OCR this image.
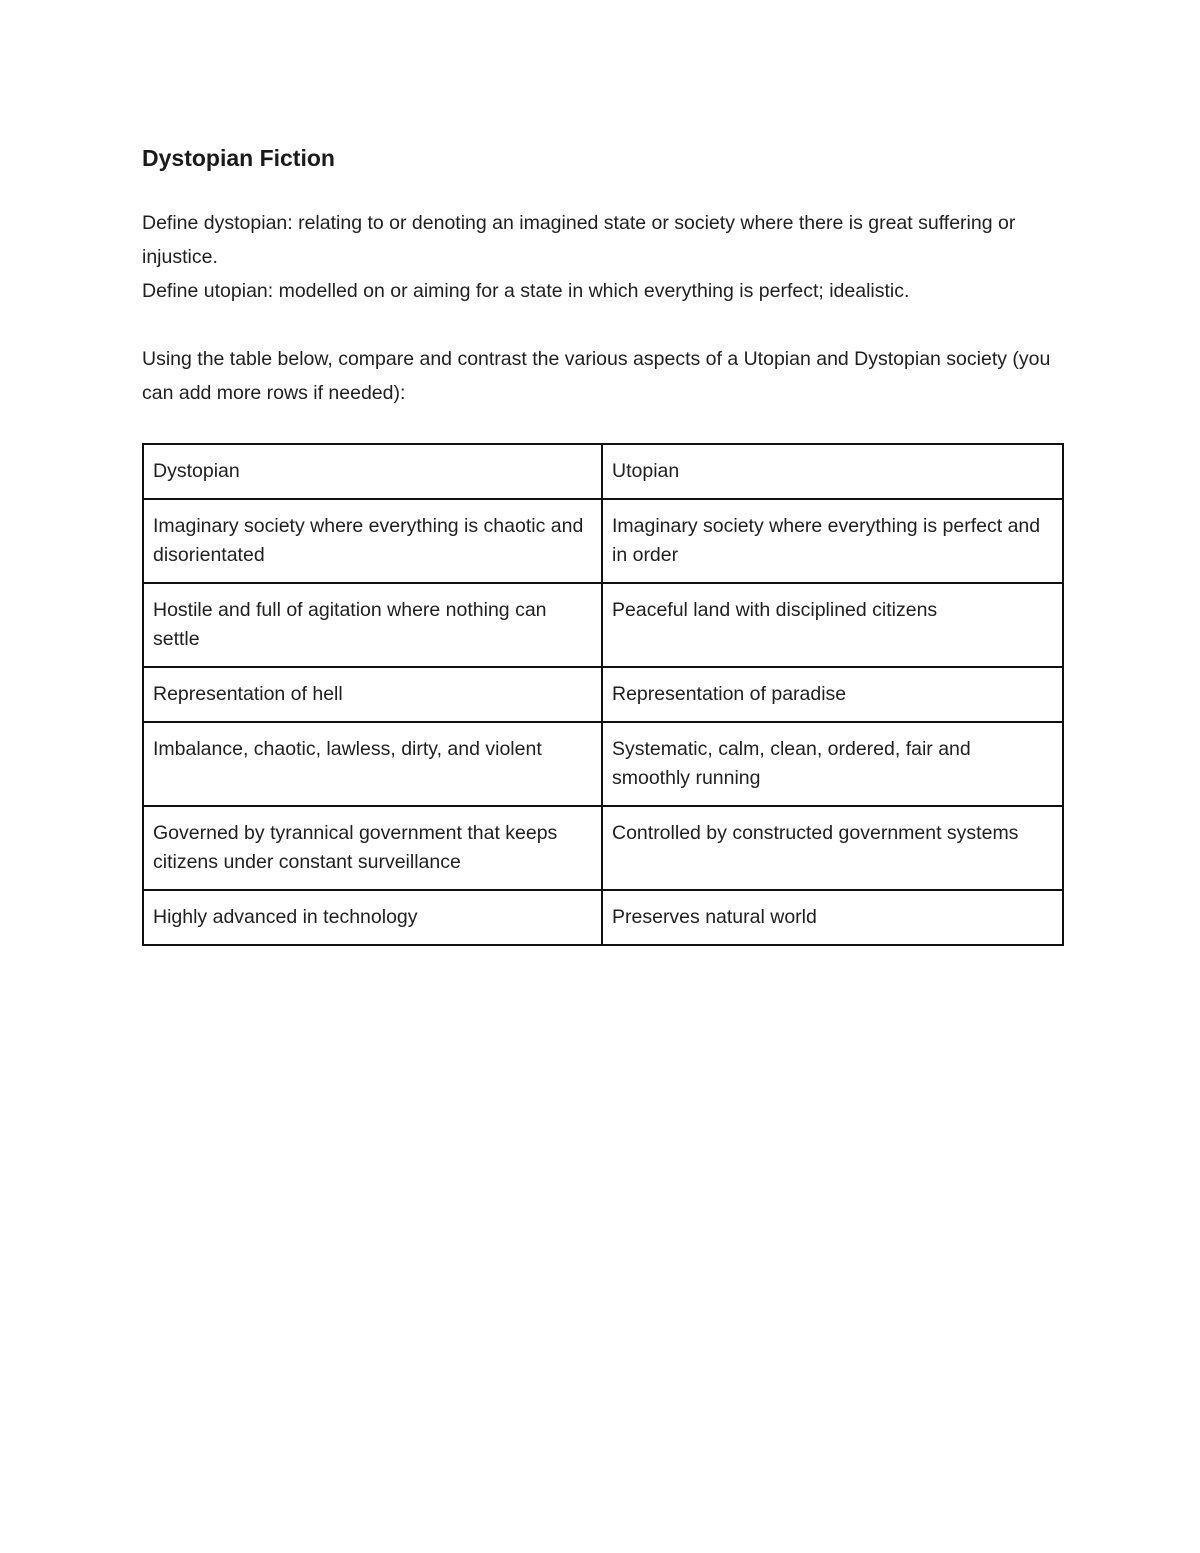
Dystopian Fiction

Define dystopian: relating to or denoting an imagined state or society where there is great suffering or injustice.

Define utopian: modelled on or aiming for a state in which everything is perfect; idealistic.

Using the table below, compare and contrast the various aspects of a Utopian and Dystopian society (you can add more rows if needed):

Dystopian	Utopian
Imaginary society where everything is chaotic and disorientated	Imaginary society where everything is perfect and in order
Hostile and full of agitation where nothing can settle	Peaceful land with disciplined citizens
Representation of hell	Representation of paradise
Imbalance, chaotic, lawless, dirty, and violent	Systematic, calm, clean, ordered, fair and smoothly running
Governed by tyrannical government that keeps citizens under constant surveillance	Controlled by constructed government systems
Highly advanced in technology	Preserves natural world
